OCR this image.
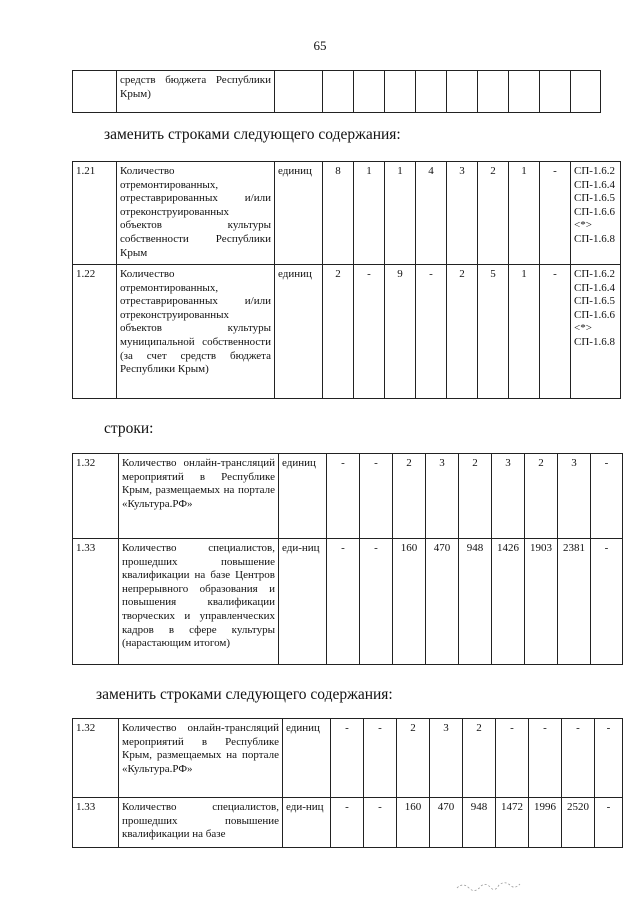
65
	средств бюджета Республики Крым)										
заменить строками следующего содержания:
1.21	Количество отремонтированных, отреставрированных и/или отреконструированных объектов культуры собственности Республики Крым	единиц	8	1	1	4	3	2	1	-	СП-1.6.2 СП-1.6.4 СП-1.6.5 СП-1.6.6 <*> СП-1.6.8
1.22	Количество отремонтированных, отреставрированных и/или отреконструированных объектов культуры муниципальной собственности (за счет средств бюджета Республики Крым)	единиц	2	-	9	-	2	5	1	-	СП-1.6.2 СП-1.6.4 СП-1.6.5 СП-1.6.6 <*> СП-1.6.8
строки:
1.32	Количество онлайн-трансляций мероприятий в Республике Крым, размещаемых на портале «Культура.РФ»	единиц	-	-	2	3	2	3	2	3	-
1.33	Количество специалистов, прошедших повышение квалификации на базе Центров непрерывного образования и повышения квалификации творческих и управленческих кадров в сфере культуры (нарастающим итогом)	еди-ниц	-	-	160	470	948	1426	1903	2381	-
заменить строками следующего содержания:
1.32	Количество онлайн-трансляций мероприятий в Республике Крым, размещаемых на портале «Культура.РФ»	единиц	-	-	2	3	2	-	-	-	-
1.33	Количество специалистов, прошедших повышение квалификации на базе	еди-ниц	-	-	160	470	948	1472	1996	2520	-
